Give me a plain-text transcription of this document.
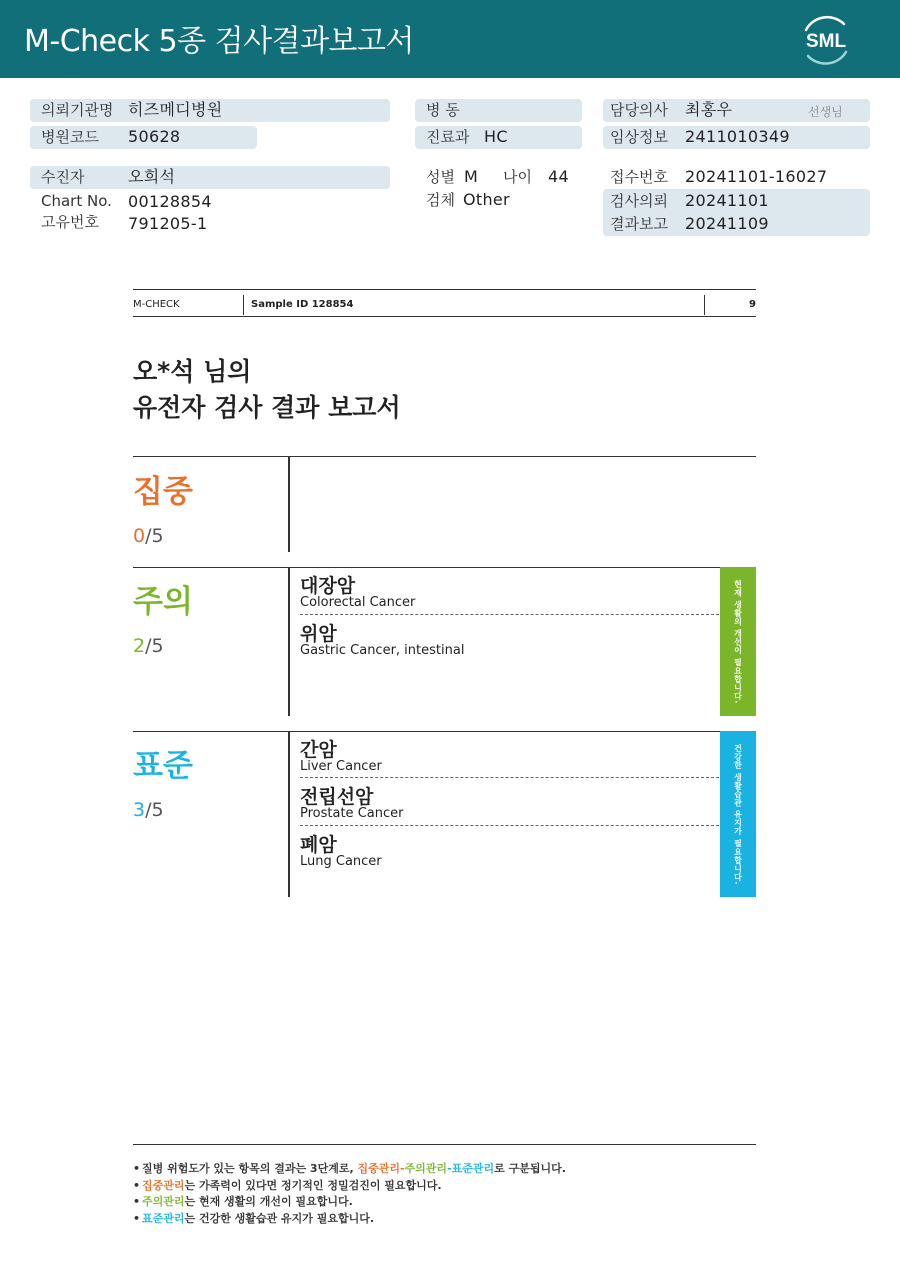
M-Check 5종 검사결과보고서	SML
의뢰기관명 히즈메디병원
병원코드 50628
수진자	오희석
Chart No. 00128854
고유번호 791205-1
병 동
진료과 HC
성별 M 나이 44
검체 Other
담당의사 최홍우	선생님
임상정보 2411010349
접수번호 20241101-16027
검사의뢰 20241101
결과보고 20241109
M-CHECK	Sample ID 128854	9
오*석 님의
유전자 검사 결과 보고서
집중
0/5
주의
2/5
대장암
Colorectal Cancer
위암
Gastric Cancer, intestinal	현재 생활의 개선이 필요합니다.
표준
3/5
간암
Liver Cancer
전립선암
Prostate Cancer
폐암
Lung Cancer	건강한 생활습관 유지가 필요합니다.
• 질병 위험도가 있는 항목의 결과는 3단계로, 집중관리-주의관리-표준관리로 구분됩니다.
• 집중관리는 가족력이 있다면 정기적인 정밀검진이 필요합니다.
• 주의관리는 현재 생활의 개선이 필요합니다.
• 표준관리는 건강한 생활습관 유지가 필요합니다.
